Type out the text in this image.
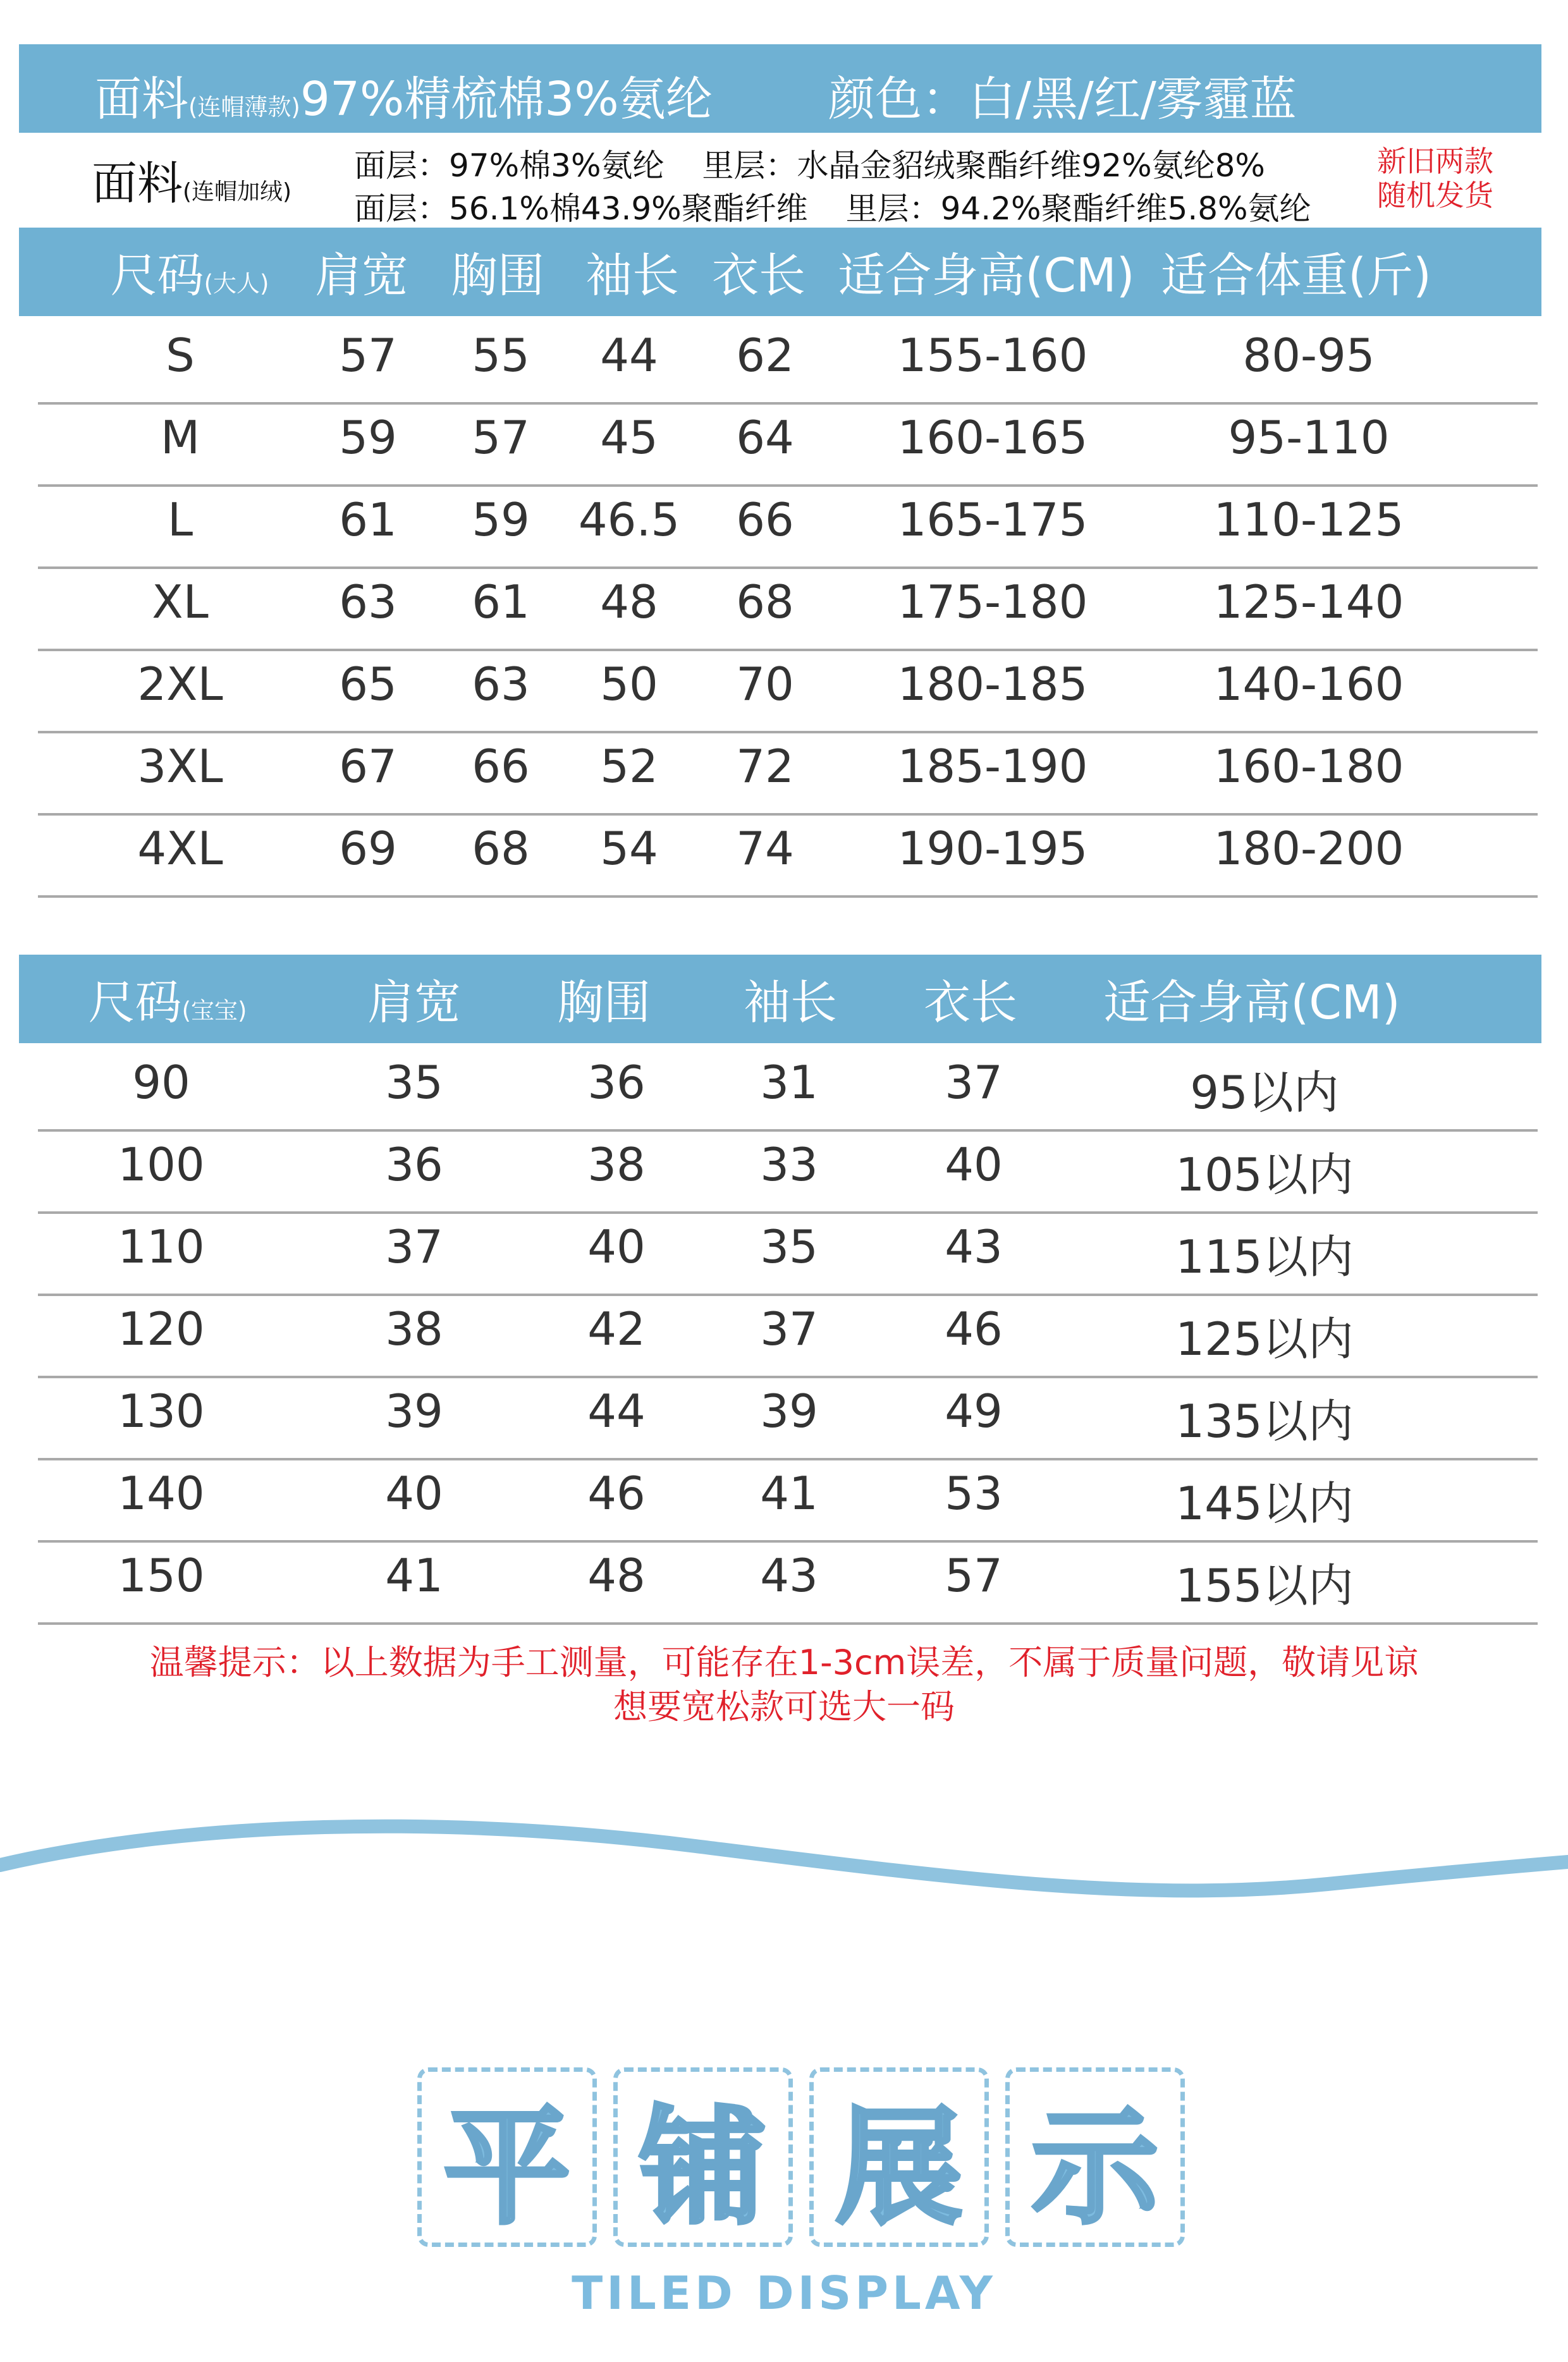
面料(连帽薄款)97%精梳棉3%氨纶 颜色：白/黑/红/雾霾蓝
面料(连帽加绒)
面层：97%棉3%氨纶 里层：水晶金貂绒聚酯纤维92%氨纶8%
面层：56.1%棉43.9%聚酯纤维 里层：94.2%聚酯纤维5.8%氨纶
新旧两款
随机发货
尺码(大人) 肩宽 胸围 袖长 衣长 适合身高(CM) 适合体重(斤)
S	57 55 44 62 155-160	80-95
M	59 57 45 64 160-165	95-110
L	61 59 46.5 66 165-175	110-125
XL	63 61 48 68 175-180	125-140
2XL	65 63 50 70 180-185	140-160
3XL	67 66 52 72 185-190	160-180
4XL	69 68 54 74 190-195	180-200
尺码(宝宝)	肩宽 胸围 袖长 衣长 适合身高(CM)
90	35	36	31	37	95以内
100	36	38	33	40	105以内
110	37	40	35	43	115以内
120	38	42	37	46	125以内
130	39	44	39	49	135以内
140	40	46	41	53	145以内
150	41	48	43	57	155以内
温馨提示：以上数据为手工测量，可能存在1-3cm误差，不属于质量问题，敬请见谅
想要宽松款可选大一码
平 铺 展 示
TILED DISPLAY
